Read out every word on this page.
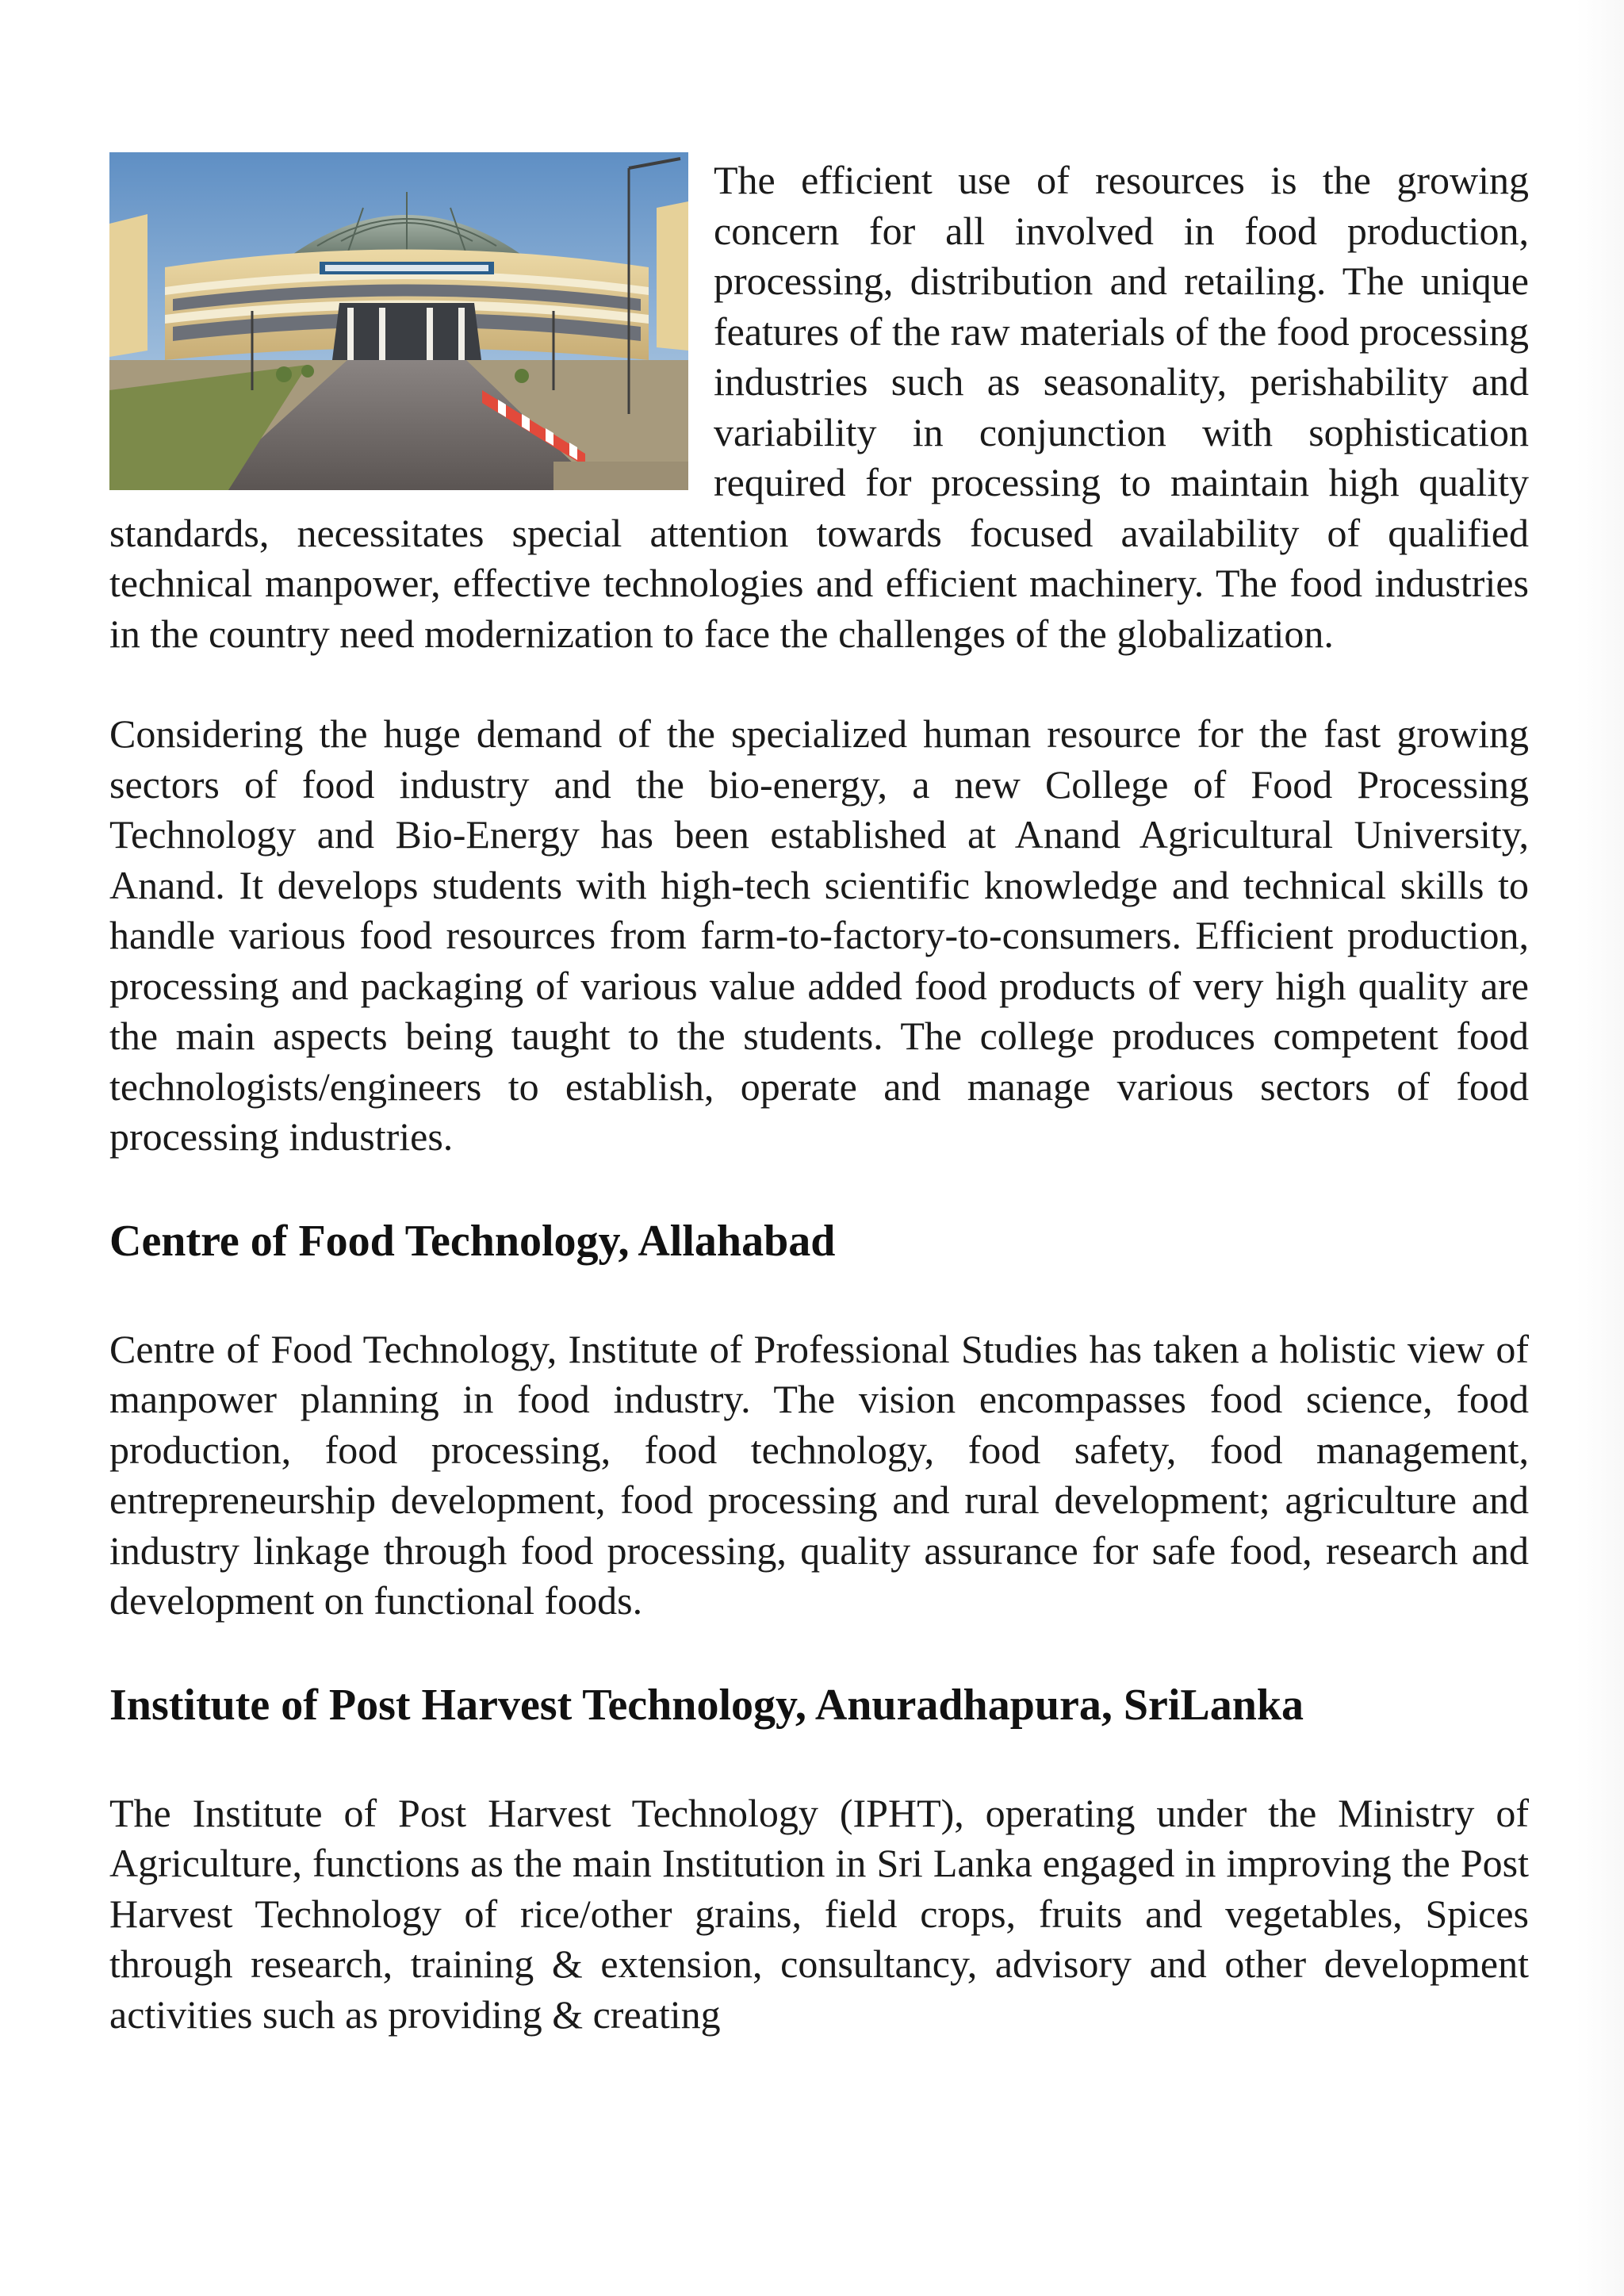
The efficient use of resources is the growing concern for all involved in food production, processing, distribution and retailing. The unique features of the raw materials of the food processing industries such as seasonality, perishability and variability in conjunction with sophistication required for processing to maintain high quality standards, necessitates special attention towards focused availability of qualified technical manpower, effective technologies and efficient machinery. The food industries in the country need modernization to face the challenges of the globalization.

Considering the huge demand of the specialized human resource for the fast growing sectors of food industry and the bio-energy, a new College of Food Processing Technology and Bio-Energy has been established at Anand Agricultural University, Anand. It develops students with high-tech scientific knowledge and technical skills to handle various food resources from farm-to-factory-to-consumers. Efficient production, processing and packaging of various value added food products of very high quality are the main aspects being taught to the students. The college produces competent food technologists/engineers to establish, operate and manage various sectors of food processing industries.

Centre of Food Technology, Allahabad

Centre of Food Technology, Institute of Professional Studies has taken a holistic view of manpower planning in food industry. The vision encompasses food science, food production, food processing, food technology, food safety, food management, entrepreneurship development, food processing and rural development; agriculture and industry linkage through food processing, quality assurance for safe food, research and development on functional foods.

Institute of Post Harvest Technology, Anuradhapura, SriLanka

The Institute of Post Harvest Technology (IPHT), operating under the Ministry of Agriculture, functions as the main Institution in Sri Lanka engaged in improving the Post Harvest Technology of rice/other grains, field crops, fruits and vegetables, Spices through research, training & extension, consultancy, advisory and other development activities such as providing & creating
